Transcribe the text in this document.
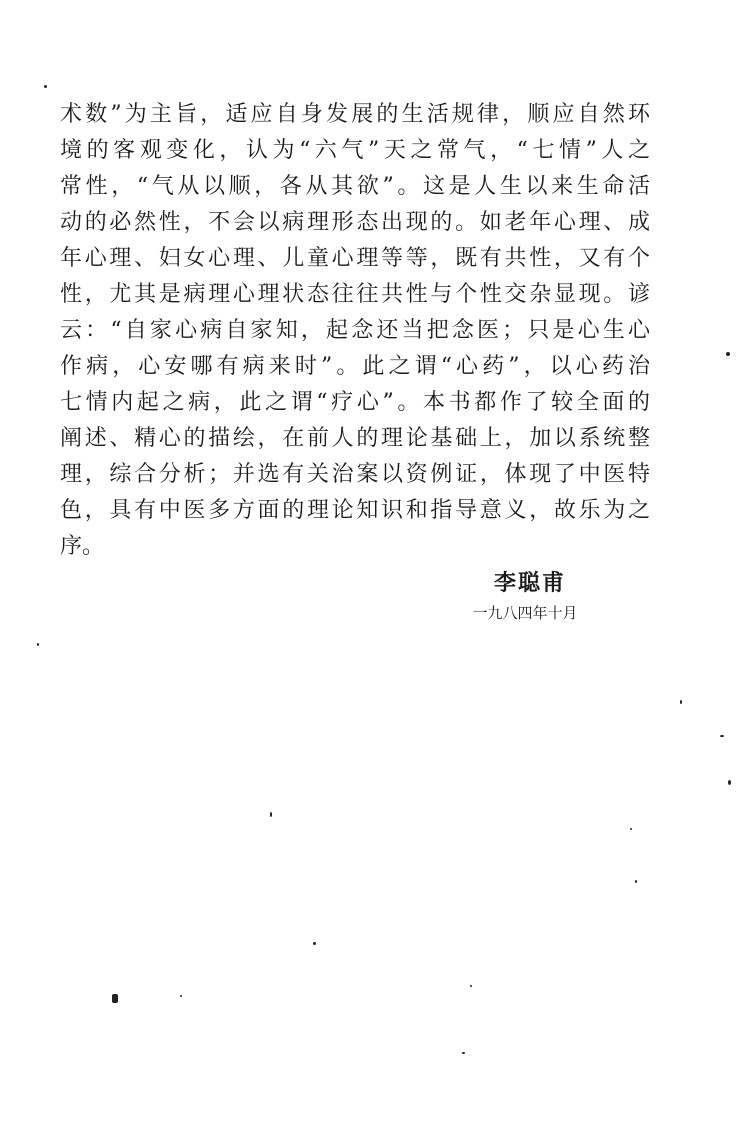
术数”为主旨，适应自身发展的生活规律，顺应自然环
境的客观变化，认为“六气”天之常气，“七情”人之
常性，“气从以顺，各从其欲”。这是人生以来生命活
动的必然性，不会以病理形态出现的。如老年心理、成
年心理、妇女心理、儿童心理等等，既有共性，又有个
性，尤其是病理心理状态往往共性与个性交杂显现。谚
云：“自家心病自家知，起念还当把念医；只是心生心
作病，心安哪有病来时”。此之谓“心药”，以心药治
七情内起之病，此之谓“疗心”。本书都作了较全面的
阐述、精心的描绘，在前人的理论基础上，加以系统整
理，综合分析；并选有关治案以资例证，体现了中医特
色，具有中医多方面的理论知识和指导意义，故乐为之
序。
李聪甫
一九八四年十月
